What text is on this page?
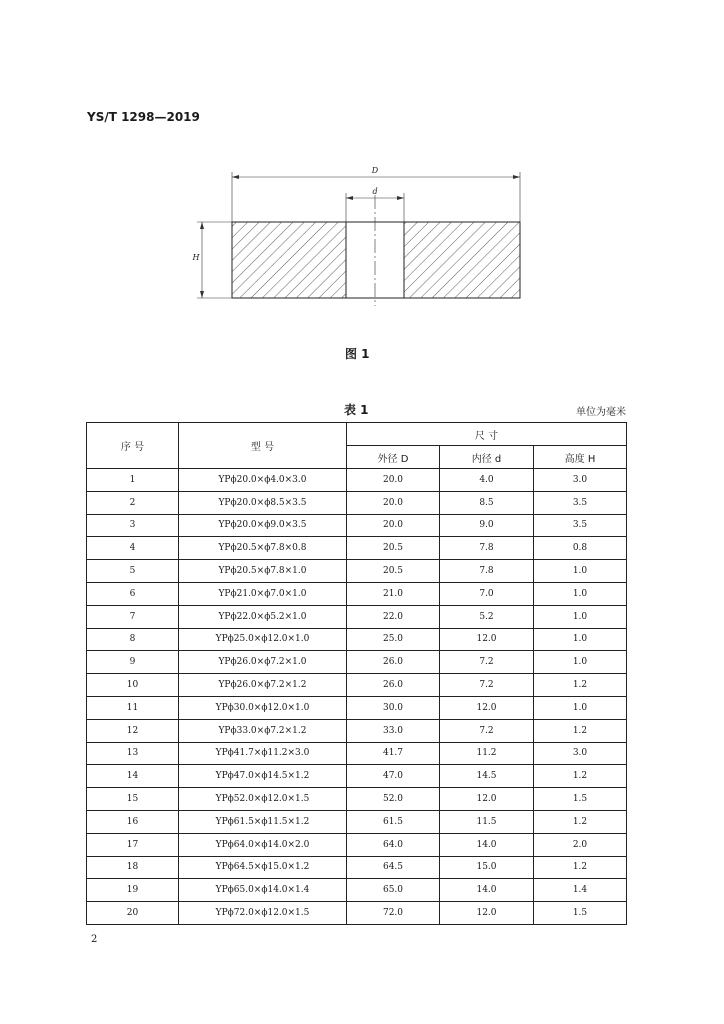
YS/T 1298—2019
D
d
H
图 1
表 1	单位为毫米
序 号	型 号	尺 寸		
		外径 D	内径 d	高度 H
1	YPϕ20.0×ϕ4.0×3.0	20.0	4.0	3.0
2	YPϕ20.0×ϕ8.5×3.5	20.0	8.5	3.5
3	YPϕ20.0×ϕ9.0×3.5	20.0	9.0	3.5
4	YPϕ20.5×ϕ7.8×0.8	20.5	7.8	0.8
5	YPϕ20.5×ϕ7.8×1.0	20.5	7.8	1.0
6	YPϕ21.0×ϕ7.0×1.0	21.0	7.0	1.0
7	YPϕ22.0×ϕ5.2×1.0	22.0	5.2	1.0
8	YPϕ25.0×ϕ12.0×1.0	25.0	12.0	1.0
9	YPϕ26.0×ϕ7.2×1.0	26.0	7.2	1.0
10	YPϕ26.0×ϕ7.2×1.2	26.0	7.2	1.2
11	YPϕ30.0×ϕ12.0×1.0	30.0	12.0	1.0
12	YPϕ33.0×ϕ7.2×1.2	33.0	7.2	1.2
13	YPϕ41.7×ϕ11.2×3.0	41.7	11.2	3.0
14	YPϕ47.0×ϕ14.5×1.2	47.0	14.5	1.2
15	YPϕ52.0×ϕ12.0×1.5	52.0	12.0	1.5
16	YPϕ61.5×ϕ11.5×1.2	61.5	11.5	1.2
17	YPϕ64.0×ϕ14.0×2.0	64.0	14.0	2.0
18	YPϕ64.5×ϕ15.0×1.2	64.5	15.0	1.2
19	YPϕ65.0×ϕ14.0×1.4	65.0	14.0	1.4
20	YPϕ72.0×ϕ12.0×1.5	72.0	12.0	1.5
2
